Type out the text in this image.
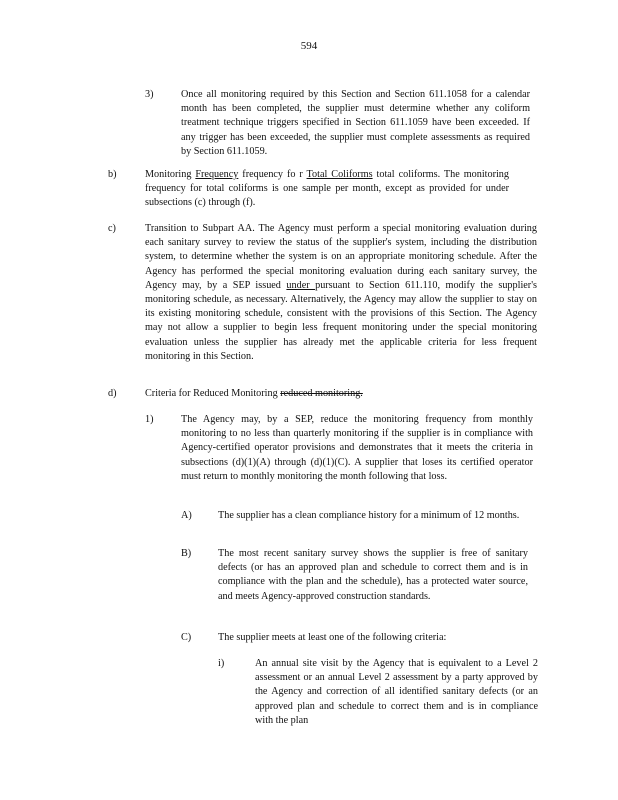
594
3)	Once all monitoring required by this Section and Section 611.1058 for a calendar month has been completed, the supplier must determine whether any coliform treatment technique triggers specified in Section 611.1059 have been exceeded. If any trigger has been exceeded, the supplier must complete assessments as required by Section 611.1059.
b)	Monitoring Frequency frequency fo r Total Coliforms total coliforms. The monitoring frequency for total coliforms is one sample per month, except as provided for under subsections (c) through (f).
c)	Transition to Subpart AA. The Agency must perform a special monitoring evaluation during each sanitary survey to review the status of the supplier's system, including the distribution system, to determine whether the system is on an appropriate monitoring schedule. After the Agency has performed the special monitoring evaluation during each sanitary survey, the Agency may, by a SEP issued under pursuant to Section 611.110, modify the supplier's monitoring schedule, as necessary. Alternatively, the Agency may allow the supplier to stay on its existing monitoring schedule, consistent with the provisions of this Section. The Agency may not allow a supplier to begin less frequent monitoring under the special monitoring evaluation unless the supplier has already met the applicable criteria for less frequent monitoring in this Section.
d)	Criteria for Reduced Monitoring reduced monitoring.
1)	The Agency may, by a SEP, reduce the monitoring frequency from monthly monitoring to no less than quarterly monitoring if the supplier is in compliance with Agency-certified operator provisions and demonstrates that it meets the criteria in subsections (d)(1)(A) through (d)(1)(C). A supplier that loses its certified operator must return to monthly monitoring the month following that loss.
A)	The supplier has a clean compliance history for a minimum of 12 months.
B)	The most recent sanitary survey shows the supplier is free of sanitary defects (or has an approved plan and schedule to correct them and is in compliance with the plan and the schedule), has a protected water source, and meets Agency-approved construction standards.
C)	The supplier meets at least one of the following criteria:
i)	An annual site visit by the Agency that is equivalent to a Level 2 assessment or an annual Level 2 assessment by a party approved by the Agency and correction of all identified sanitary defects (or an approved plan and schedule to correct them and is in compliance with the plan
